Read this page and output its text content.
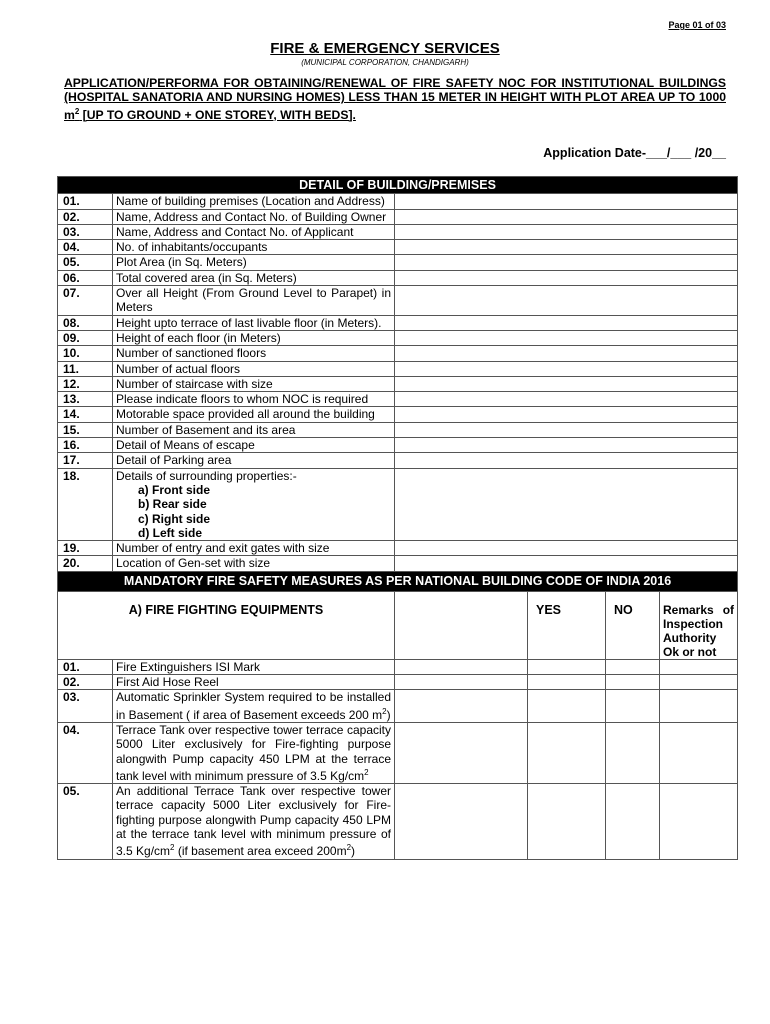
Page 01 of 03
FIRE & EMERGENCY SERVICES
(MUNICIPAL CORPORATION, CHANDIGARH)
APPLICATION/PERFORMA FOR OBTAINING/RENEWAL OF FIRE SAFETY NOC FOR INSTITUTIONAL BUILDINGS (HOSPITAL SANATORIA AND NURSING HOMES) LESS THAN 15 METER IN HEIGHT WITH PLOT AREA UP TO 1000 $m^2$ [UP TO GROUND + ONE STOREY, WITH BEDS].
Application Date-___/___ /20__
DETAIL OF BUILDING/PREMISES					
01.	Name of building premises (Location and Address)				
02.	Name, Address and Contact No. of Building Owner				
03.	Name, Address and Contact No. of Applicant				
04.	No. of inhabitants/occupants				
05.	Plot Area (in Sq. Meters)				
06.	Total covered area (in Sq. Meters)				
07.	Over all Height (From Ground Level to Parapet) in Meters				
08.	Height upto terrace of last livable floor (in Meters).				
09.	Height of each floor (in Meters)				
10.	Number of sanctioned floors				
11.	Number of actual floors				
12.	Number of staircase with size				
13.	Please indicate floors to whom NOC is required				
14.	Motorable space provided all around the building				
15.	Number of Basement and its area				
16.	Detail of Means of escape				
17.	Detail of Parking area				
18.	Details of surrounding properties:-
a) Front side
b) Rear side
c) Right side
d) Left side				

19.	Number of entry and exit gates with size				
20.	Location of Gen-set with size				
MANDATORY FIRE SAFETY MEASURES AS PER NATIONAL BUILDING CODE OF INDIA 2016					
A) FIRE FIGHTING EQUIPMENTS			YES	NO	Remarks of Inspection Authority Ok or not
01.	Fire Extinguishers ISI Mark				
02.	First Aid Hose Reel				
03.	Automatic Sprinkler System required to be installed in Basement ( if area of Basement exceeds 200 $m^2$)				
04.	Terrace Tank over respective tower terrace capacity 5000 Liter exclusively for Fire-fighting purpose alongwith Pump capacity 450 LPM at the terrace tank level with minimum pressure of 3.5 $Kg/cm^2$				
05.	An additional Terrace Tank over respective tower terrace capacity 5000 Liter exclusively for Fire-fighting purpose alongwith Pump capacity 450 LPM at the terrace tank level with minimum pressure of 3.5 $Kg/cm^2$ (if basement area exceed $200m^2$)				
